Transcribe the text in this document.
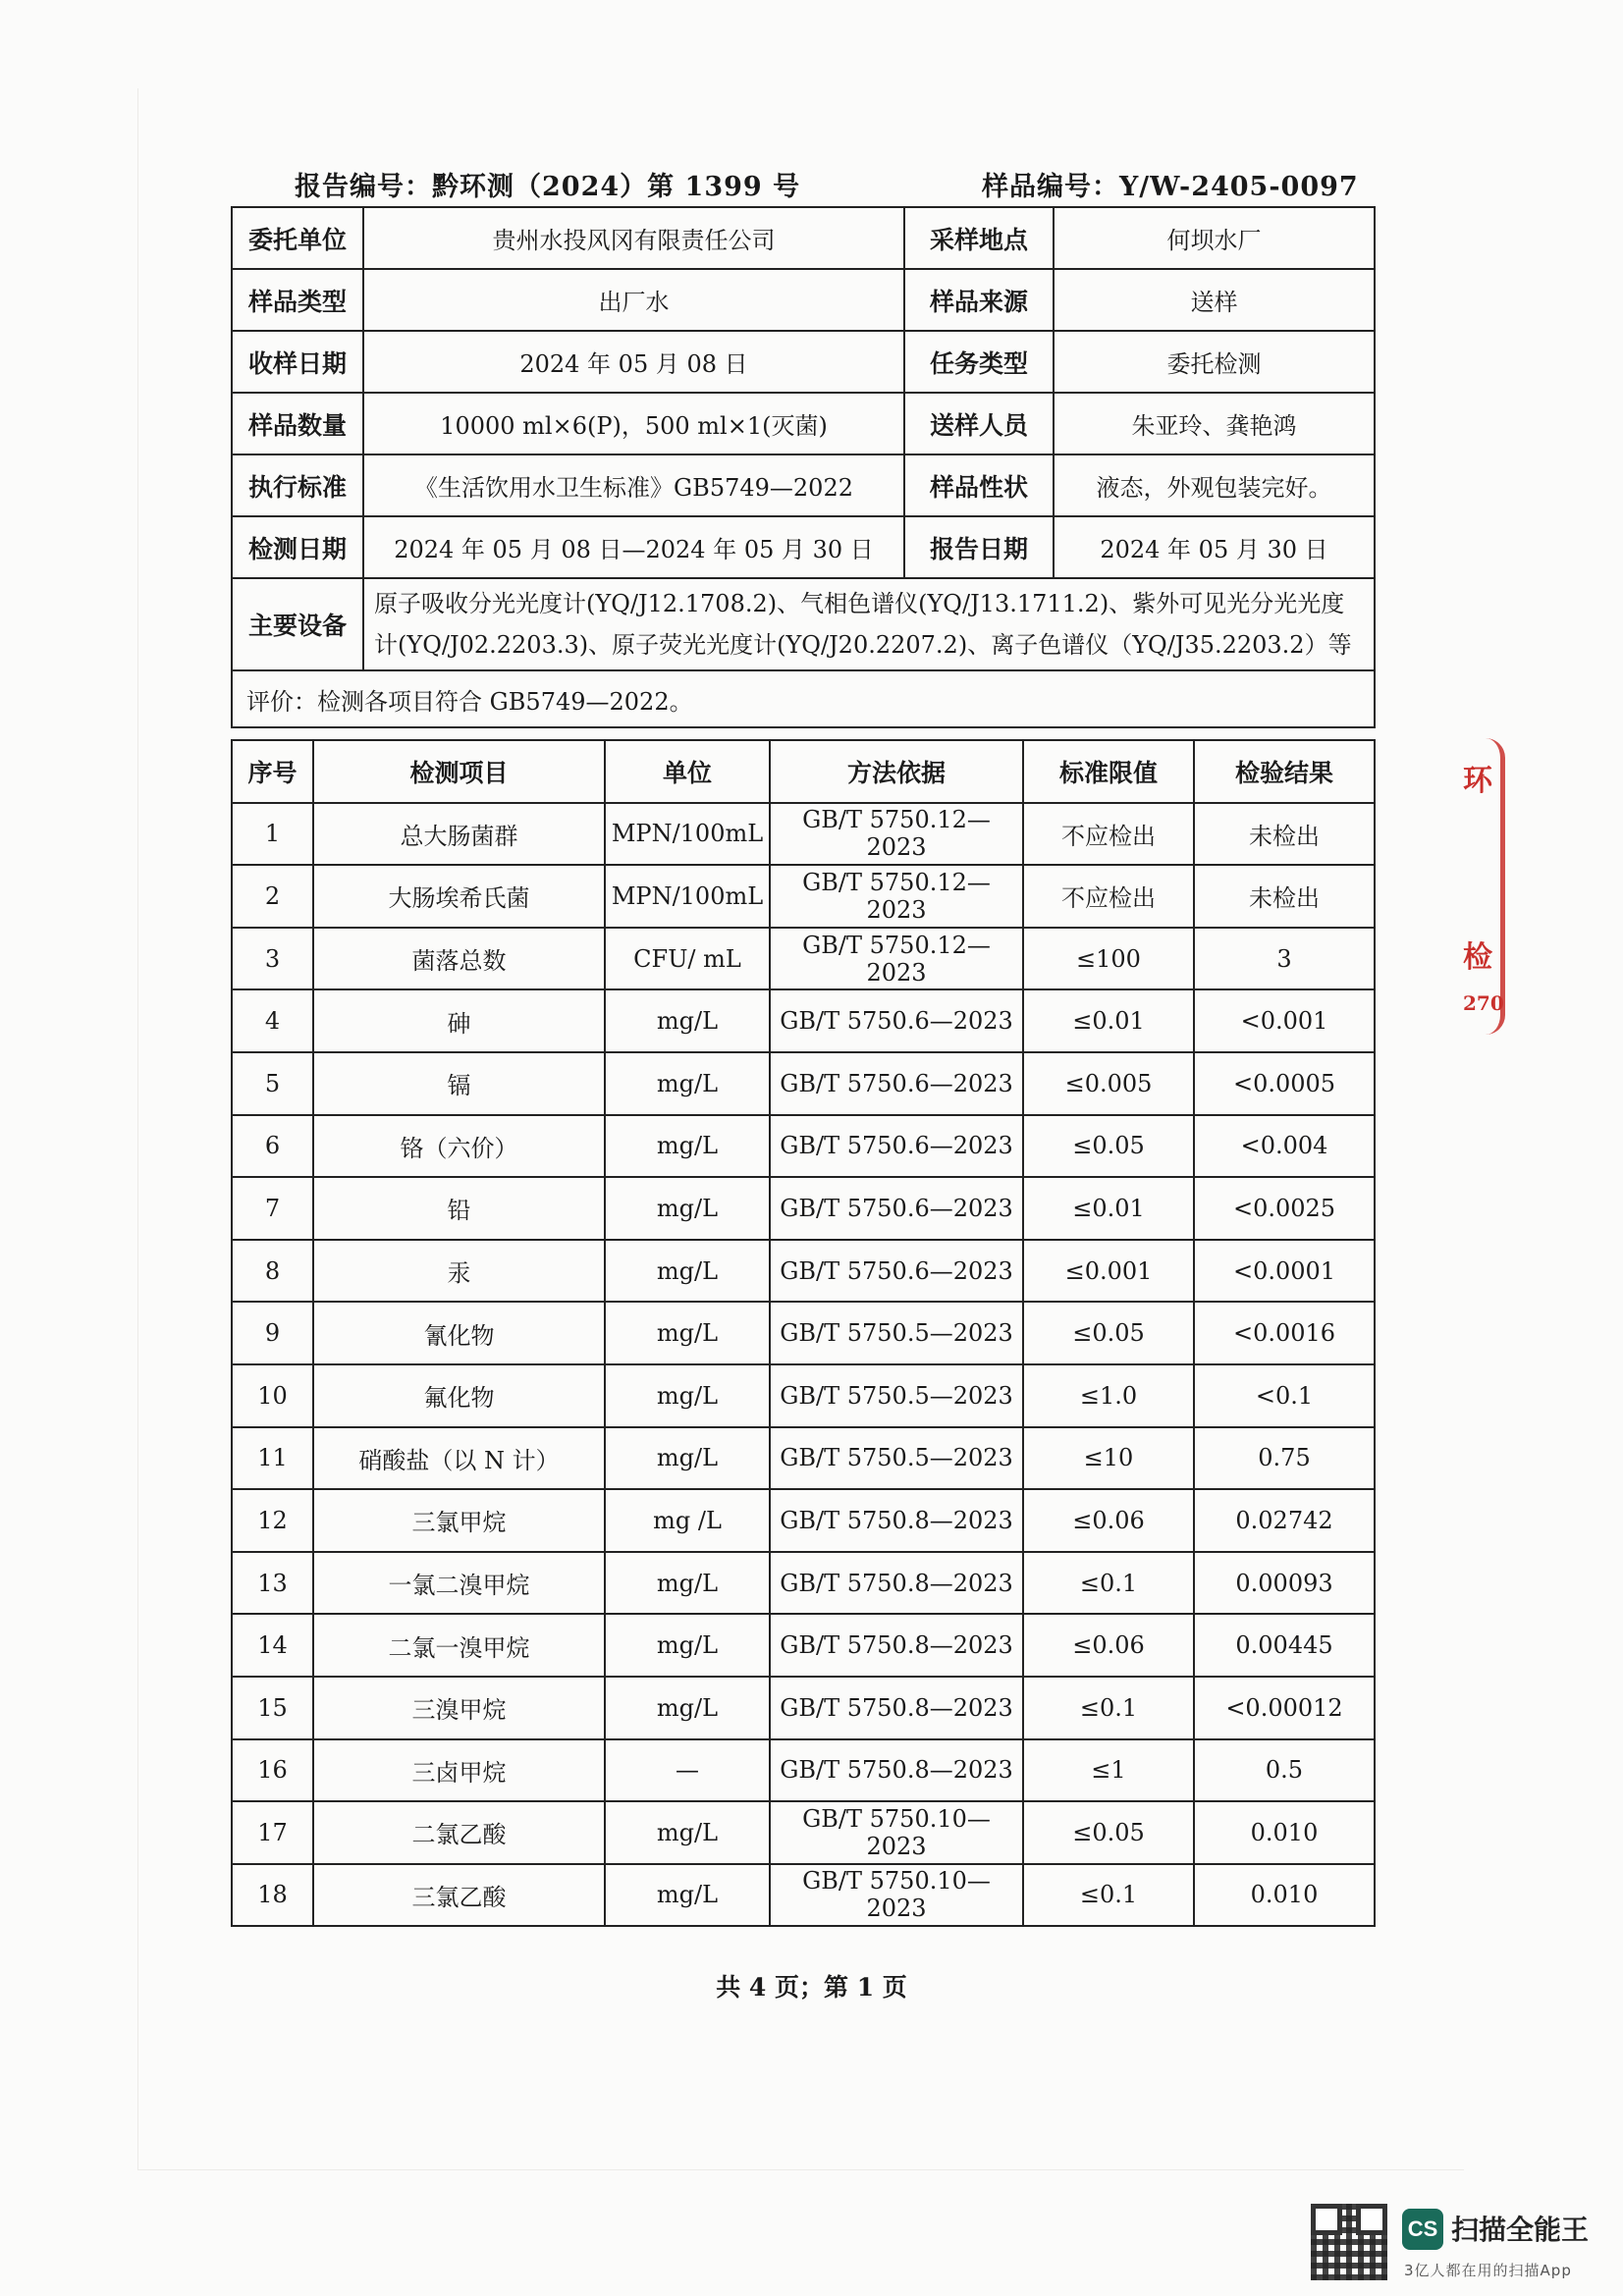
报告编号：黔环测（2024）第 1399 号	样品编号：Y/W-2405-0097
委托单位	贵州水投风冈有限责任公司	采样地点	何坝水厂
样品类型	出厂水	样品来源	送样
收样日期	2024 年 05 月 08 日	任务类型	委托检测
样品数量	10000 ml×6(P)，500 ml×1(灭菌)	送样人员	朱亚玲、龚艳鸿
执行标准	《生活饮用水卫生标准》GB5749—2022	样品性状	液态，外观包装完好。
检测日期	2024 年 05 月 08 日—2024 年 05 月 30 日	报告日期	2024 年 05 月 30 日
主要设备	原子吸收分光光度计(YQ/J12.1708.2)、气相色谱仪(YQ/J13.1711.2)、紫外可见光分光光度计(YQ/J02.2203.3)、原子荧光光度计(YQ/J20.2207.2)、离子色谱仪（YQ/J35.2203.2）等		
评价：检测各项目符合 GB5749—2022。			
序号	检测项目	单位	方法依据	标准限值	检验结果
1	总大肠菌群	MPN/100mL	GB/T 5750.12—2023	不应检出	未检出
2	大肠埃希氏菌	MPN/100mL	GB/T 5750.12—2023	不应检出	未检出
3	菌落总数	CFU/ mL	GB/T 5750.12—2023	≤100	3
4	砷	mg/L	GB/T 5750.6—2023	≤0.01	<0.001
5	镉	mg/L	GB/T 5750.6—2023	≤0.005	<0.0005
6	铬（六价）	mg/L	GB/T 5750.6—2023	≤0.05	<0.004
7	铅	mg/L	GB/T 5750.6—2023	≤0.01	<0.0025
8	汞	mg/L	GB/T 5750.6—2023	≤0.001	<0.0001
9	氰化物	mg/L	GB/T 5750.5—2023	≤0.05	<0.0016
10	氟化物	mg/L	GB/T 5750.5—2023	≤1.0	<0.1
11	硝酸盐（以 N 计）	mg/L	GB/T 5750.5—2023	≤10	0.75
12	三氯甲烷	mg /L	GB/T 5750.8—2023	≤0.06	0.02742
13	一氯二溴甲烷	mg/L	GB/T 5750.8—2023	≤0.1	0.00093
14	二氯一溴甲烷	mg/L	GB/T 5750.8—2023	≤0.06	0.00445
15	三溴甲烷	mg/L	GB/T 5750.8—2023	≤0.1	<0.00012
16	三卤甲烷	—	GB/T 5750.8—2023	≤1	0.5
17	二氯乙酸	mg/L	GB/T 5750.10—2023	≤0.05	0.010
18	三氯乙酸	mg/L	GB/T 5750.10—2023	≤0.1	0.010
共 4 页；第 1 页
环
检
270
CS 扫描全能王
3亿人都在用的扫描App
